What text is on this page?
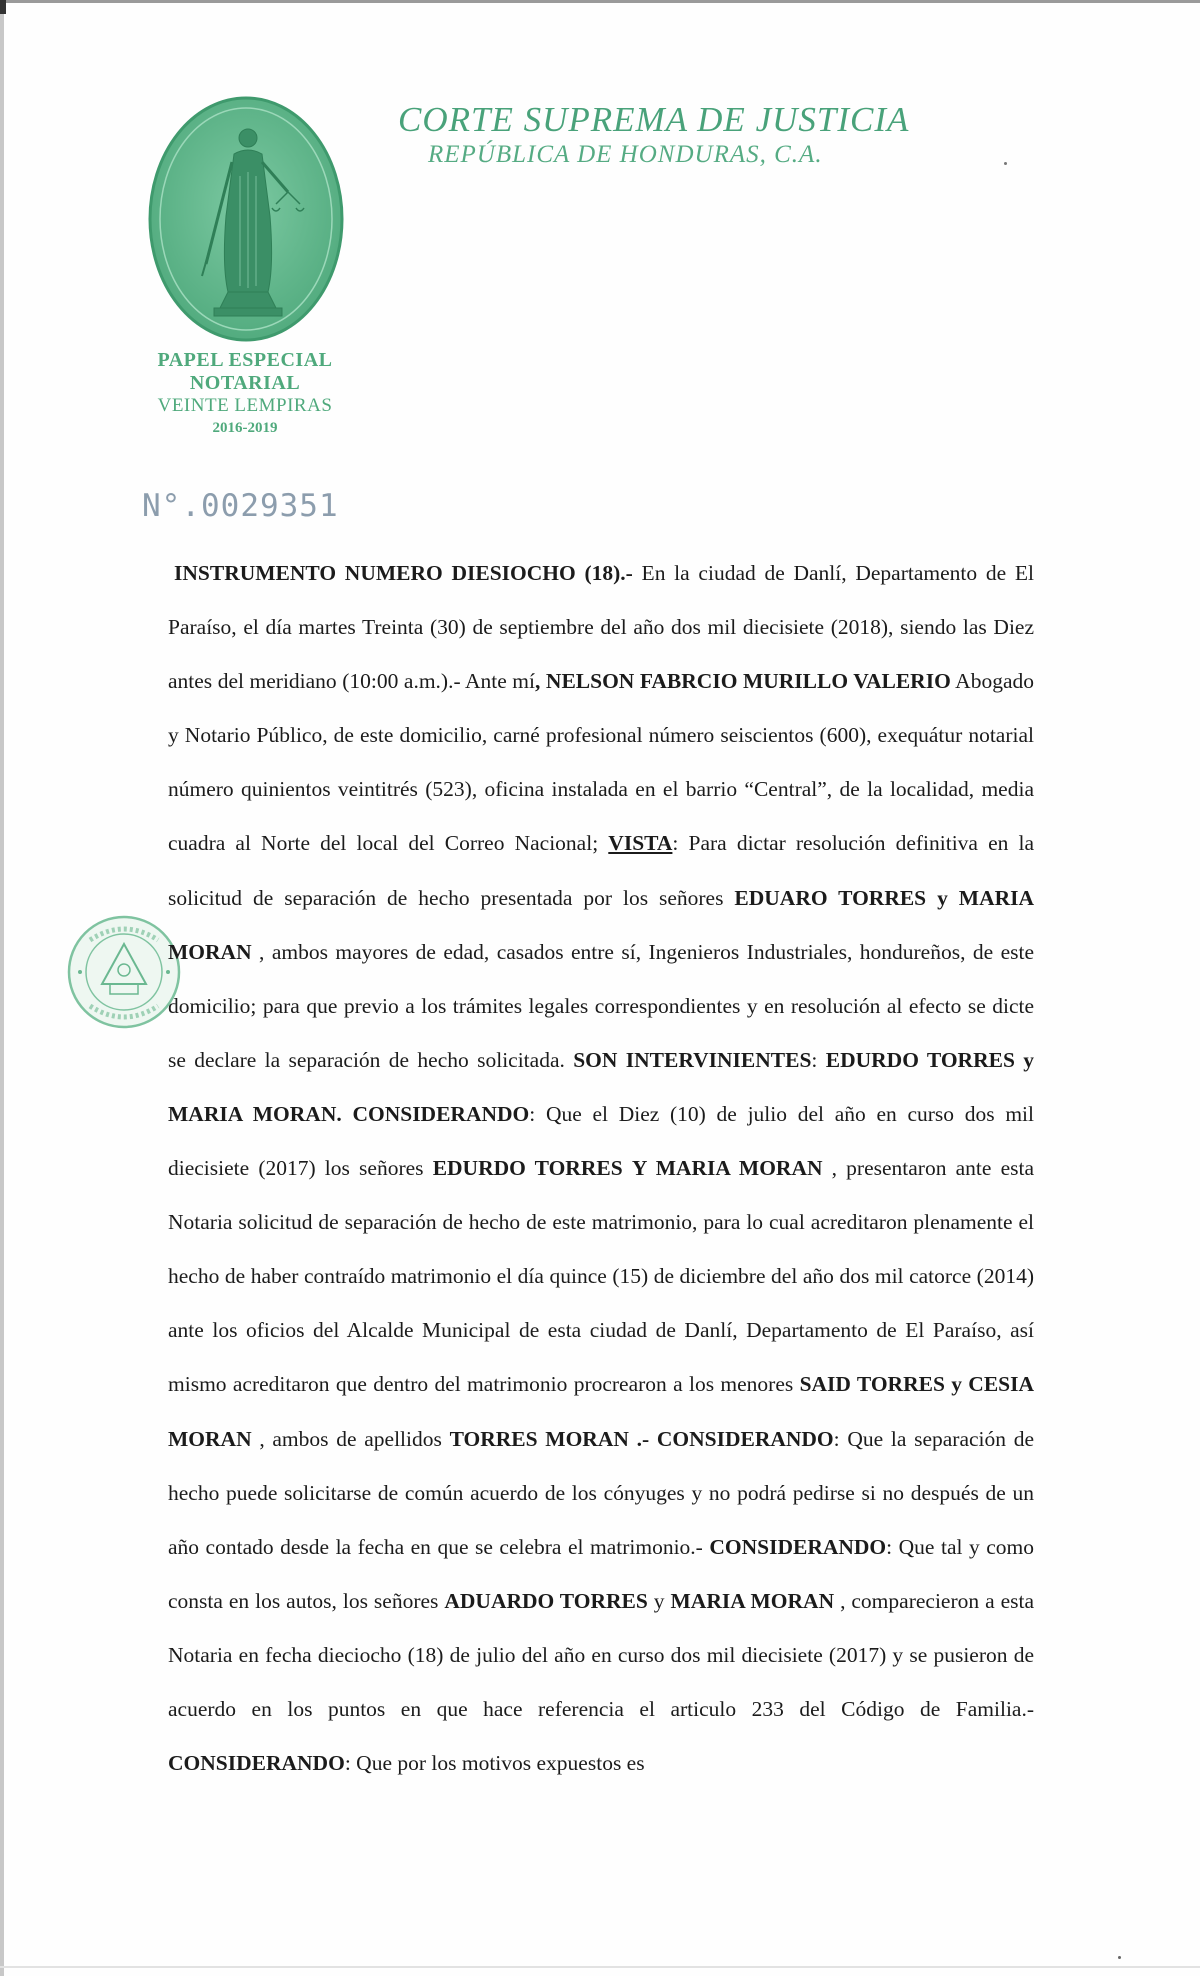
PAPEL ESPECIAL
NOTARIAL
VEINTE LEMPIRAS
2016-2019
CORTE SUPREMA DE JUSTICIA
REPÚBLICA DE HONDURAS, C.A.
N°.0029351

INSTRUMENTO NUMERO DIESIOCHO (18).- En la ciudad de Danlí, Departamento de El Paraíso, el día martes Treinta (30) de septiembre del año dos mil diecisiete (2018), siendo las Diez antes del meridiano (10:00 a.m.).- Ante mí, NELSON FABRCIO MURILLO VALERIO Abogado y Notario Público, de este domicilio, carné profesional número seiscientos (600), exequátur notarial número quinientos veintitrés (523), oficina instalada en el barrio “Central”, de la localidad, media cuadra al Norte del local del Correo Nacional; VISTA: Para dictar resolución definitiva en la solicitud de separación de hecho presentada por los señores EDUARO TORRES y MARIA MORAN , ambos mayores de edad, casados entre sí, Ingenieros Industriales, hondureños, de este domicilio; para que previo a los trámites legales correspondientes y en resolución al efecto se dicte se declare la separación de hecho solicitada. SON INTERVINIENTES: EDURDO TORRES y MARIA MORAN. CONSIDERANDO: Que el Diez (10) de julio del año en curso dos mil diecisiete (2017) los señores EDURDO TORRES Y MARIA MORAN , presentaron ante esta Notaria solicitud de separación de hecho de este matrimonio, para lo cual acreditaron plenamente el hecho de haber contraído matrimonio el día quince (15) de diciembre del año dos mil catorce (2014) ante los oficios del Alcalde Municipal de esta ciudad de Danlí, Departamento de El Paraíso, así mismo acreditaron que dentro del matrimonio procrearon a los menores SAID TORRES y CESIA MORAN , ambos de apellidos TORRES MORAN .- CONSIDERANDO: Que la separación de hecho puede solicitarse de común acuerdo de los cónyuges y no podrá pedirse si no después de un año contado desde la fecha en que se celebra el matrimonio.- CONSIDERANDO: Que tal y como consta en los autos, los señores ADUARDO TORRES y MARIA MORAN , comparecieron a esta Notaria en fecha dieciocho (18) de julio del año en curso dos mil diecisiete (2017) y se pusieron de acuerdo en los puntos en que hace referencia el articulo 233 del Código de Familia.- CONSIDERANDO: Que por los motivos expuestos es
